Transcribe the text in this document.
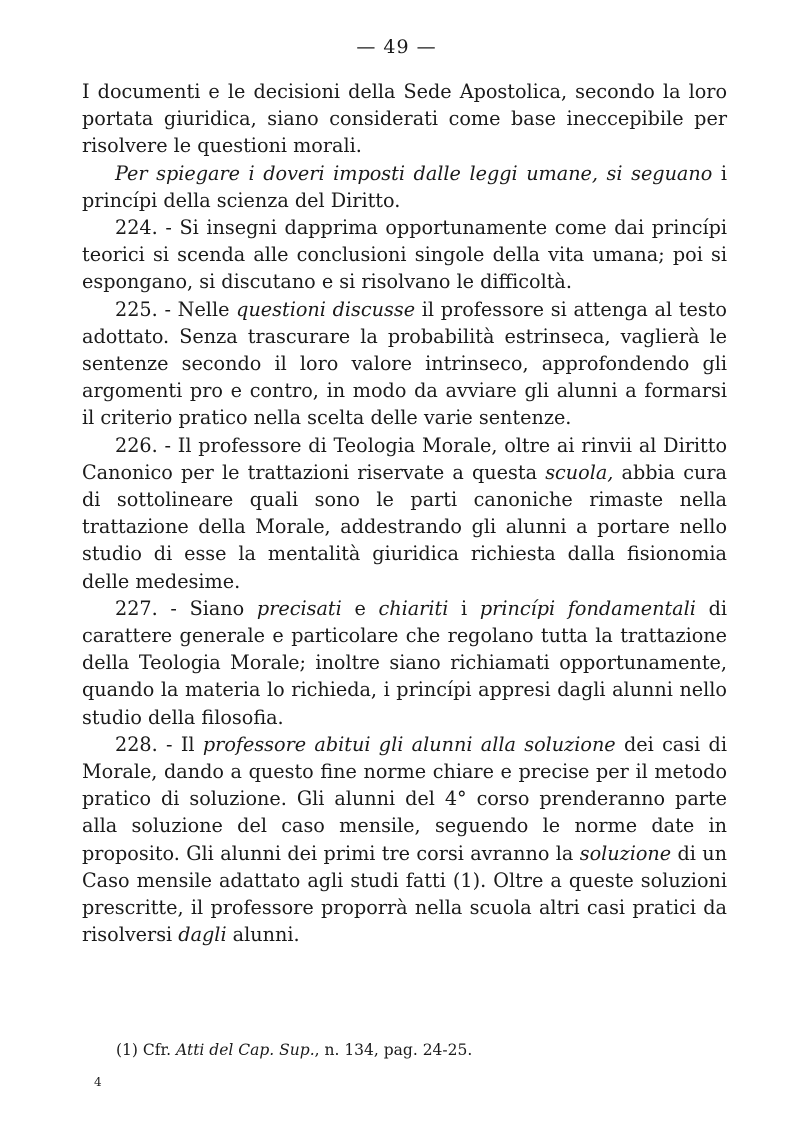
— 49 —

I documenti e le decisioni della Sede Apostolica, secondo la loro portata giuridica, siano considerati come base ineccepibile per risolvere le questioni morali.

Per spiegare i doveri imposti dalle leggi umane, si seguano i princípi della scienza del Diritto.

224. - Si insegni dapprima opportunamente come dai princípi teorici si scenda alle conclusioni singole della vita umana; poi si espongano, si discutano e si risolvano le difficoltà.

225. - Nelle questioni discusse il professore si attenga al testo adottato. Senza trascurare la probabilità estrinseca, vaglierà le sentenze secondo il loro valore intrinseco, approfondendo gli argomenti pro e contro, in modo da avviare gli alunni a formarsi il criterio pratico nella scelta delle varie sentenze.

226. - Il professore di Teologia Morale, oltre ai rinvii al Diritto Canonico per le trattazioni riservate a questa scuola, abbia cura di sottolineare quali sono le parti canoniche rimaste nella trattazione della Morale, addestrando gli alunni a portare nello studio di esse la mentalità giuridica richiesta dalla fisionomia delle medesime.

227. - Siano precisati e chiariti i princípi fondamentali di carattere generale e particolare che regolano tutta la trattazione della Teologia Morale; inoltre siano richiamati opportunamente, quando la materia lo richieda, i princípi appresi dagli alunni nello studio della filosofia.

228. - Il professore abitui gli alunni alla soluzione dei casi di Morale, dando a questo fine norme chiare e precise per il metodo pratico di soluzione. Gli alunni del 4° corso prenderanno parte alla soluzione del caso mensile, seguendo le norme date in proposito. Gli alunni dei primi tre corsi avranno la soluzione di un Caso mensile adattato agli studi fatti (1). Oltre a queste soluzioni prescritte, il professore proporrà nella scuola altri casi pratici da risolversi dagli alunni.

(1) Cfr. Atti del Cap. Sup., n. 134, pag. 24-25.
4
